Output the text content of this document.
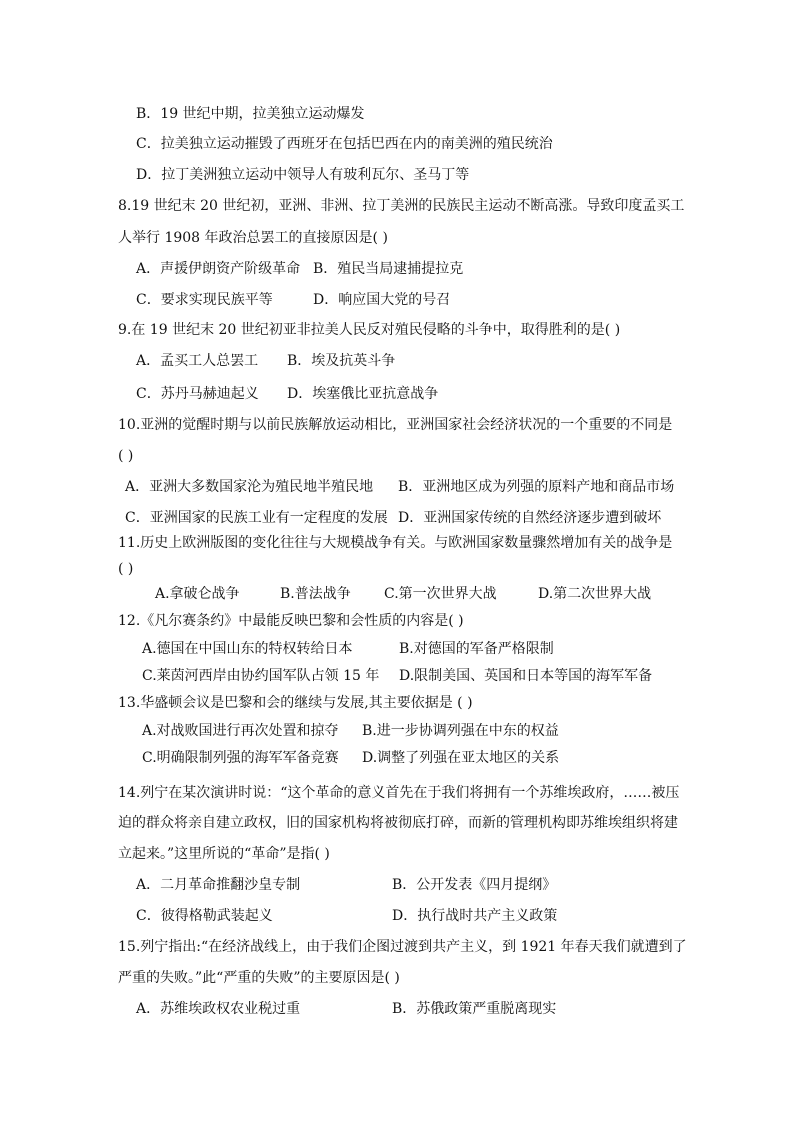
B．19 世纪中期，拉美独立运动爆发
C．拉美独立运动摧毁了西班牙在包括巴西在内的南美洲的殖民统治
D．拉丁美洲独立运动中领导人有玻利瓦尔、圣马丁等
8.19 世纪末 20 世纪初，亚洲、非洲、拉丁美洲的民族民主运动不断高涨。导致印度孟买工
人举行 1908 年政治总罢工的直接原因是( )
A．声援伊朗资产阶级革命 B．殖民当局逮捕提拉克
C．要求实现民族平等	D．响应国大党的号召
9.在 19 世纪末 20 世纪初亚非拉美人民反对殖民侵略的斗争中，取得胜利的是( )
A．孟买工人总罢工 B．埃及抗英斗争
C．苏丹马赫迪起义 D．埃塞俄比亚抗意战争
10.亚洲的觉醒时期与以前民族解放运动相比，亚洲国家社会经济状况的一个重要的不同是
( )
A．亚洲大多数国家沦为殖民地半殖民地 B．亚洲地区成为列强的原料产地和商品市场
C．亚洲国家的民族工业有一定程度的发展 D．亚洲国家传统的自然经济逐步遭到破坏
11.历史上欧洲版图的变化往往与大规模战争有关。与欧洲国家数量骤然增加有关的战争是
( )
A.拿破仑战争	B.普法战争 C.第一次世界大战	D.第二次世界大战
12.《凡尔赛条约》中最能反映巴黎和会性质的内容是( )
A.德国在中国山东的特权转给日本	B.对德国的军备严格限制
C.莱茵河西岸由协约国军队占领 15 年 D.限制美国、英国和日本等国的海军军备
13.华盛顿会议是巴黎和会的继续与发展,其主要依据是 ( )
A.对战败国进行再次处置和掠夺 B.进一步协调列强在中东的权益
C.明确限制列强的海军军备竞赛 D.调整了列强在亚太地区的关系
14.列宁在某次演讲时说：“这个革命的意义首先在于我们将拥有一个苏维埃政府，……被压
迫的群众将亲自建立政权，旧的国家机构将被彻底打碎，而新的管理机构即苏维埃组织将建
立起来。”这里所说的“革命”是指( )
A．二月革命推翻沙皇专制	B．公开发表《四月提纲》
C．彼得格勒武装起义	D．执行战时共产主义政策
15.列宁指出:“在经济战线上，由于我们企图过渡到共产主义，到 1921 年春天我们就遭到了
严重的失败。”此“严重的失败”的主要原因是( )
A．苏维埃政权农业税过重	B．苏俄政策严重脱离现实
